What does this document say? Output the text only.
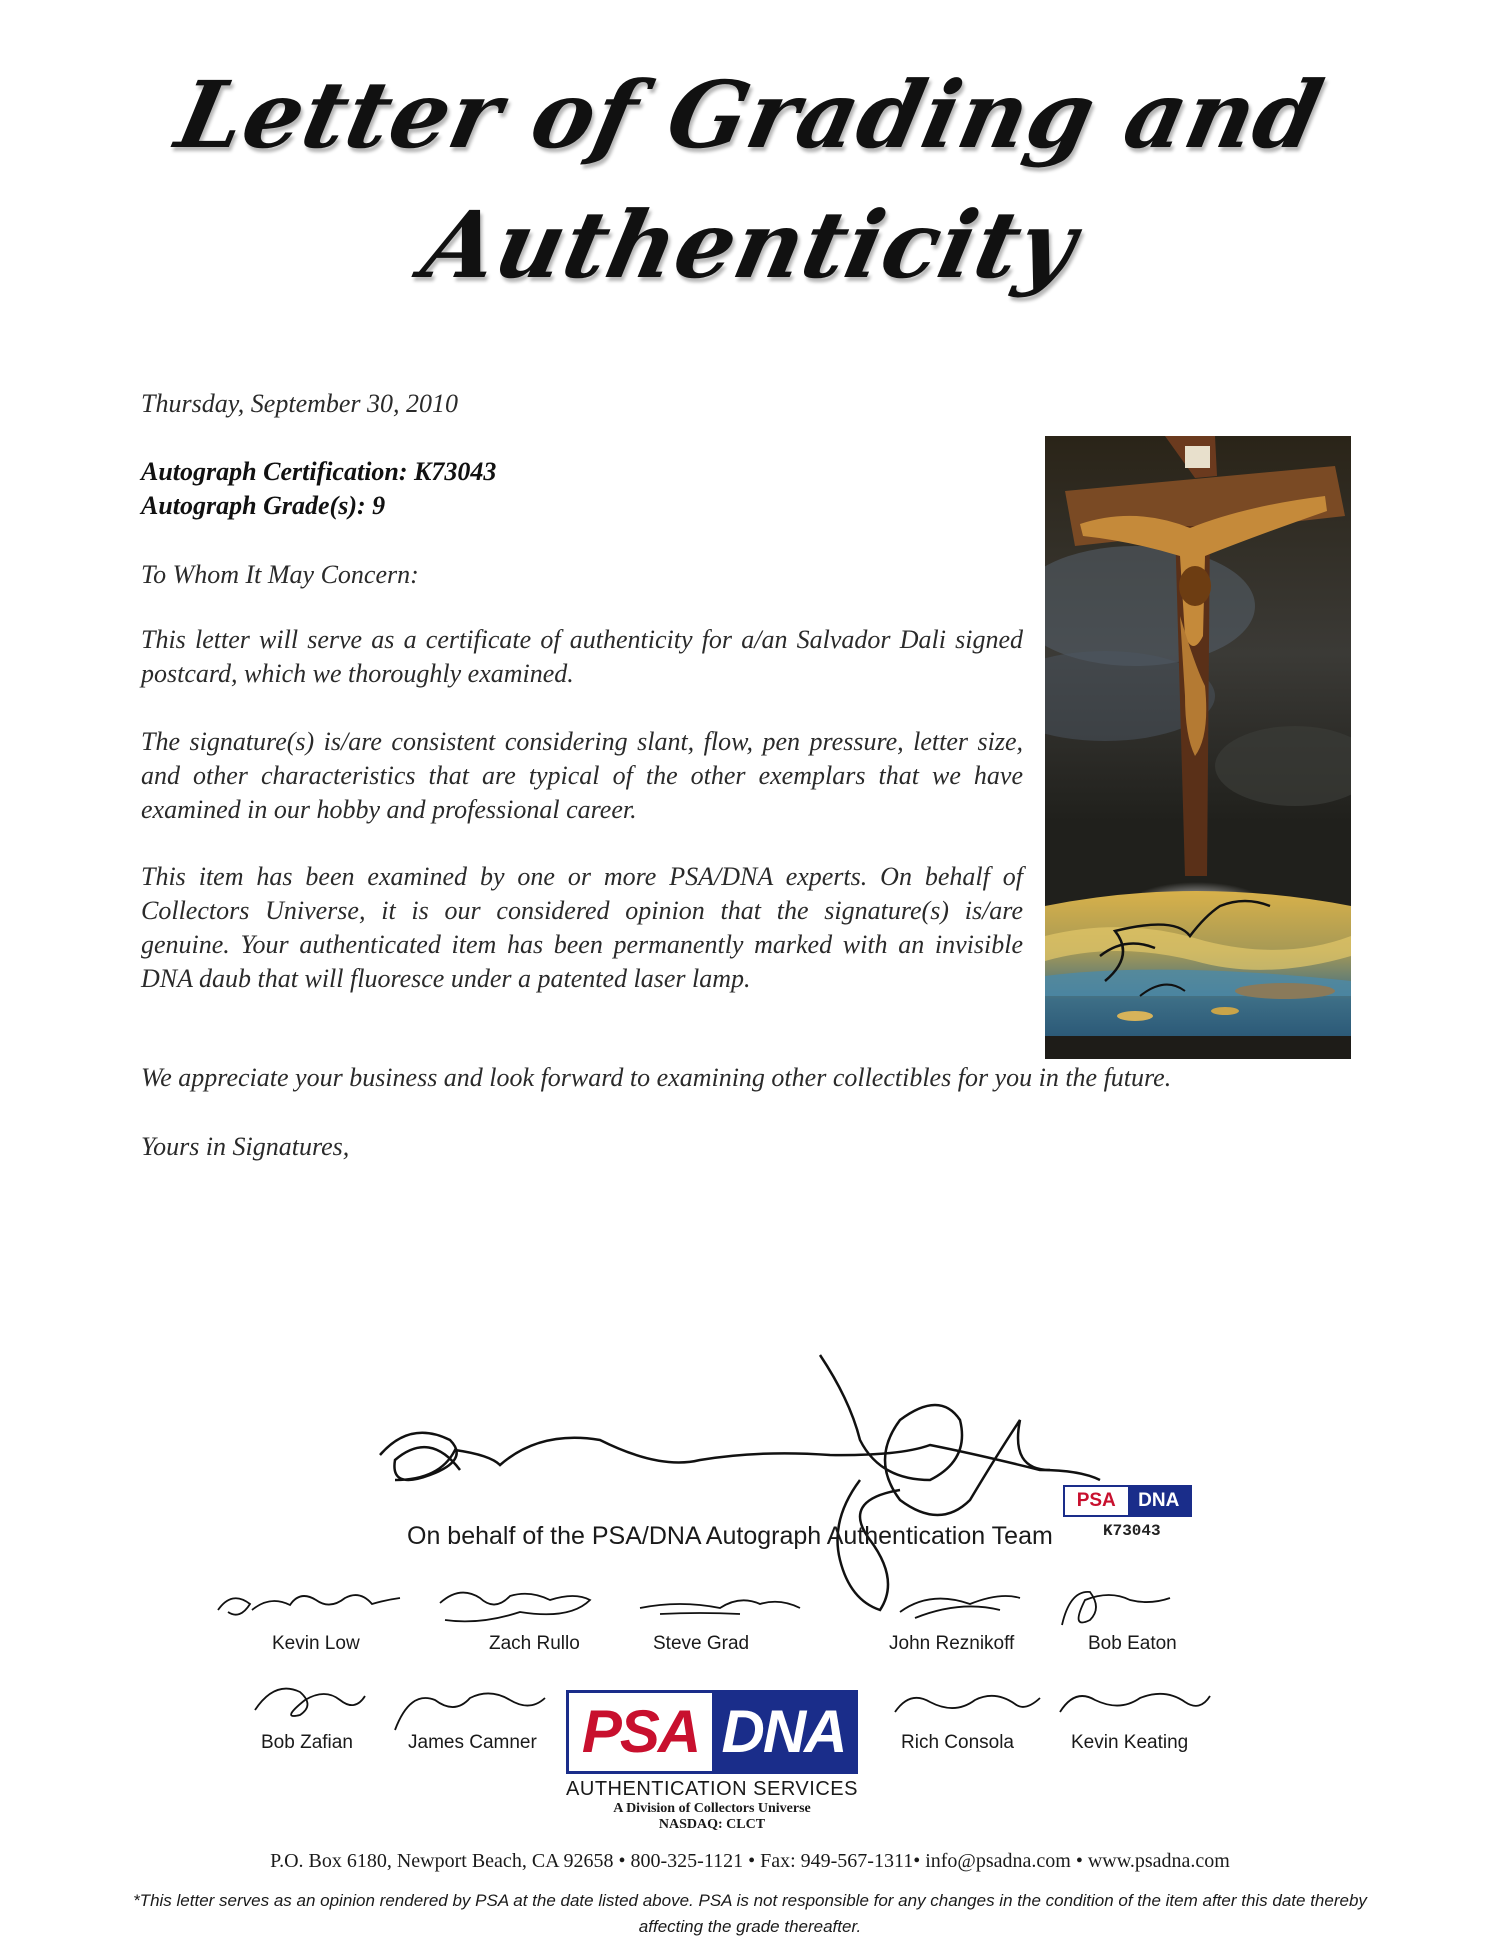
Letter of Grading and
Authenticity
Thursday, September 30, 2010
Autograph Certification: K73043
Autograph Grade(s): 9
To Whom It May Concern:
This letter will serve as a certificate of authenticity for a/an Salvador Dali signed postcard, which we thoroughly examined.
The signature(s) is/are consistent considering slant, flow, pen pressure, letter size, and other characteristics that are typical of the other exemplars that we have examined in our hobby and professional career.
This item has been examined by one or more PSA/DNA experts. On behalf of Collectors Universe, it is our considered opinion that the signature(s) is/are genuine. Your authenticated item has been permanently marked with an invisible DNA daub that will fluoresce under a patented laser lamp.
We appreciate your business and look forward to examining other collectibles for you in the future.
Yours in Signatures,
On behalf of the PSA/DNA Autograph Authentication Team
PSA	DNA
K73043
Kevin Low	Zach Rullo	Steve Grad	John Reznikoff	Bob Eaton
Bob Zafian	James Camner	Rich Consola	Kevin Keating
PSA DNA
AUTHENTICATION SERVICES
A Division of Collectors Universe
NASDAQ: CLCT
P.O. Box 6180, Newport Beach, CA 92658 • 800-325-1121 • Fax: 949-567-1311• info@psadna.com • www.psadna.com
*This letter serves as an opinion rendered by PSA at the date listed above. PSA is not responsible for any changes in the condition of the item after this date thereby affecting the grade thereafter.
